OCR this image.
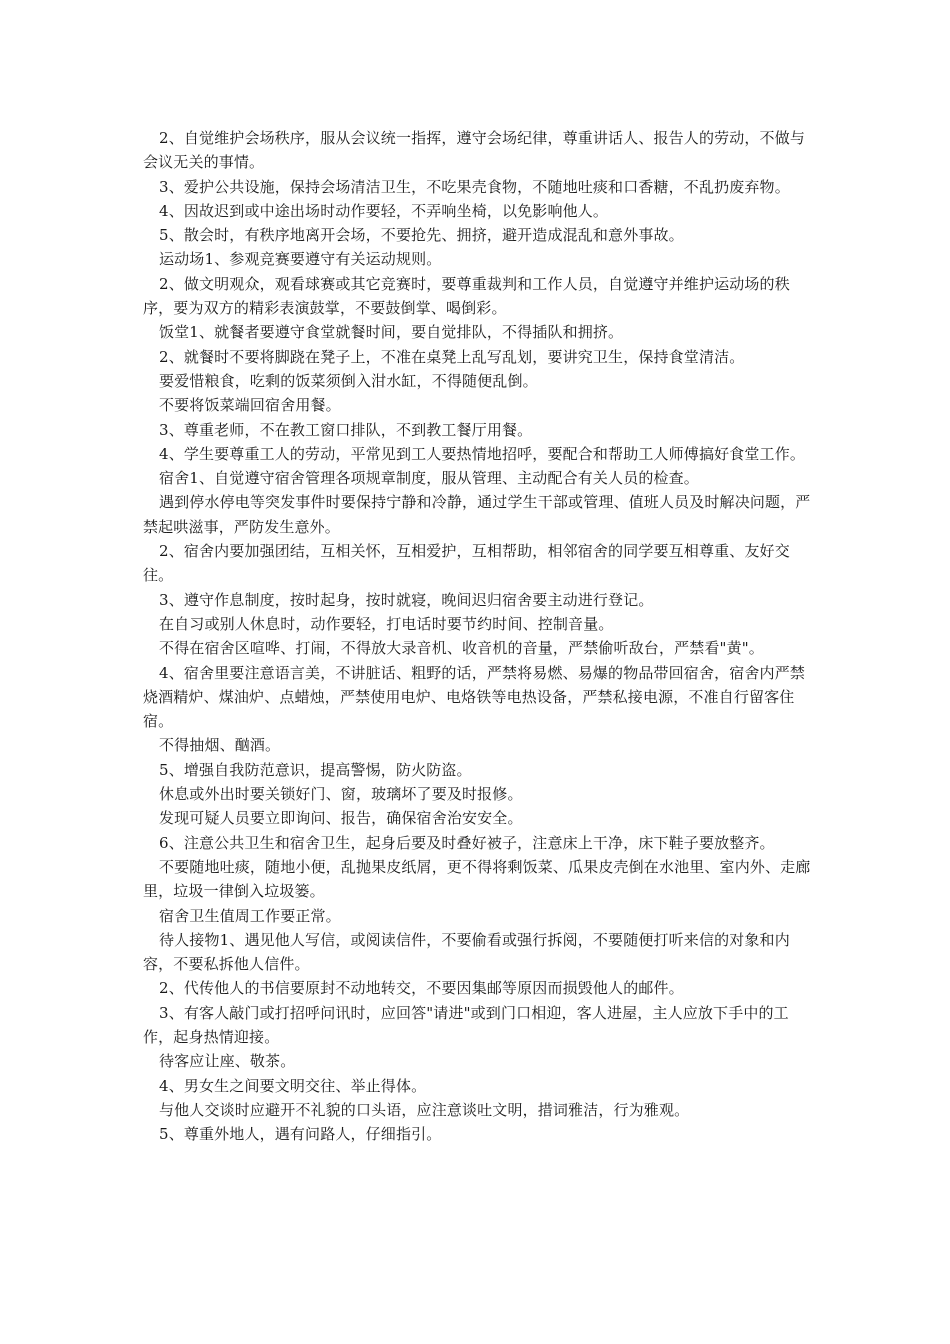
2、自觉维护会场秩序，服从会议统一指挥，遵守会场纪律，尊重讲话人、报告人的劳动，不做与会议无关的事情。

3、爱护公共设施，保持会场清洁卫生，不吃果壳食物，不随地吐痰和口香糖，不乱扔废弃物。

4、因故迟到或中途出场时动作要轻，不弄响坐椅，以免影响他人。

5、散会时，有秩序地离开会场，不要抢先、拥挤，避开造成混乱和意外事故。

运动场1、参观竞赛要遵守有关运动规则。

2、做文明观众，观看球赛或其它竞赛时，要尊重裁判和工作人员，自觉遵守并维护运动场的秩序，要为双方的精彩表演鼓掌，不要鼓倒掌、喝倒彩。

饭堂1、就餐者要遵守食堂就餐时间，要自觉排队，不得插队和拥挤。

2、就餐时不要将脚跷在凳子上，不准在桌凳上乱写乱划，要讲究卫生，保持食堂清洁。

要爱惜粮食，吃剩的饭菜须倒入泔水缸，不得随便乱倒。

不要将饭菜端回宿舍用餐。

3、尊重老师，不在教工窗口排队，不到教工餐厅用餐。

4、学生要尊重工人的劳动，平常见到工人要热情地招呼，要配合和帮助工人师傅搞好食堂工作。

宿舍1、自觉遵守宿舍管理各项规章制度，服从管理、主动配合有关人员的检查。

遇到停水停电等突发事件时要保持宁静和冷静，通过学生干部或管理、值班人员及时解决问题，严禁起哄滋事，严防发生意外。

2、宿舍内要加强团结，互相关怀，互相爱护，互相帮助，相邻宿舍的同学要互相尊重、友好交往。

3、遵守作息制度，按时起身，按时就寝，晚间迟归宿舍要主动进行登记。

在自习或别人休息时，动作要轻，打电话时要节约时间、控制音量。

不得在宿舍区喧哗、打闹，不得放大录音机、收音机的音量，严禁偷听敌台，严禁看"黄"。

4、宿舍里要注意语言美，不讲脏话、粗野的话，严禁将易燃、易爆的物品带回宿舍，宿舍内严禁烧酒精炉、煤油炉、点蜡烛，严禁使用电炉、电烙铁等电热设备，严禁私接电源，不准自行留客住宿。

不得抽烟、酗酒。

5、增强自我防范意识，提高警惕，防火防盗。

休息或外出时要关锁好门、窗，玻璃坏了要及时报修。

发现可疑人员要立即询问、报告，确保宿舍治安安全。

6、注意公共卫生和宿舍卫生，起身后要及时叠好被子，注意床上干净，床下鞋子要放整齐。

不要随地吐痰，随地小便，乱抛果皮纸屑，更不得将剩饭菜、瓜果皮壳倒在水池里、室内外、走廊里，垃圾一律倒入垃圾篓。

宿舍卫生值周工作要正常。

待人接物1、遇见他人写信，或阅读信件，不要偷看或强行拆阅，不要随便打听来信的对象和内容，不要私拆他人信件。

2、代传他人的书信要原封不动地转交，不要因集邮等原因而损毁他人的邮件。

3、有客人敲门或打招呼问讯时，应回答"请进"或到门口相迎，客人进屋，主人应放下手中的工作，起身热情迎接。

待客应让座、敬茶。

4、男女生之间要文明交往、举止得体。

与他人交谈时应避开不礼貌的口头语，应注意谈吐文明，措词雅洁，行为雅观。

5、尊重外地人，遇有问路人，仔细指引。
